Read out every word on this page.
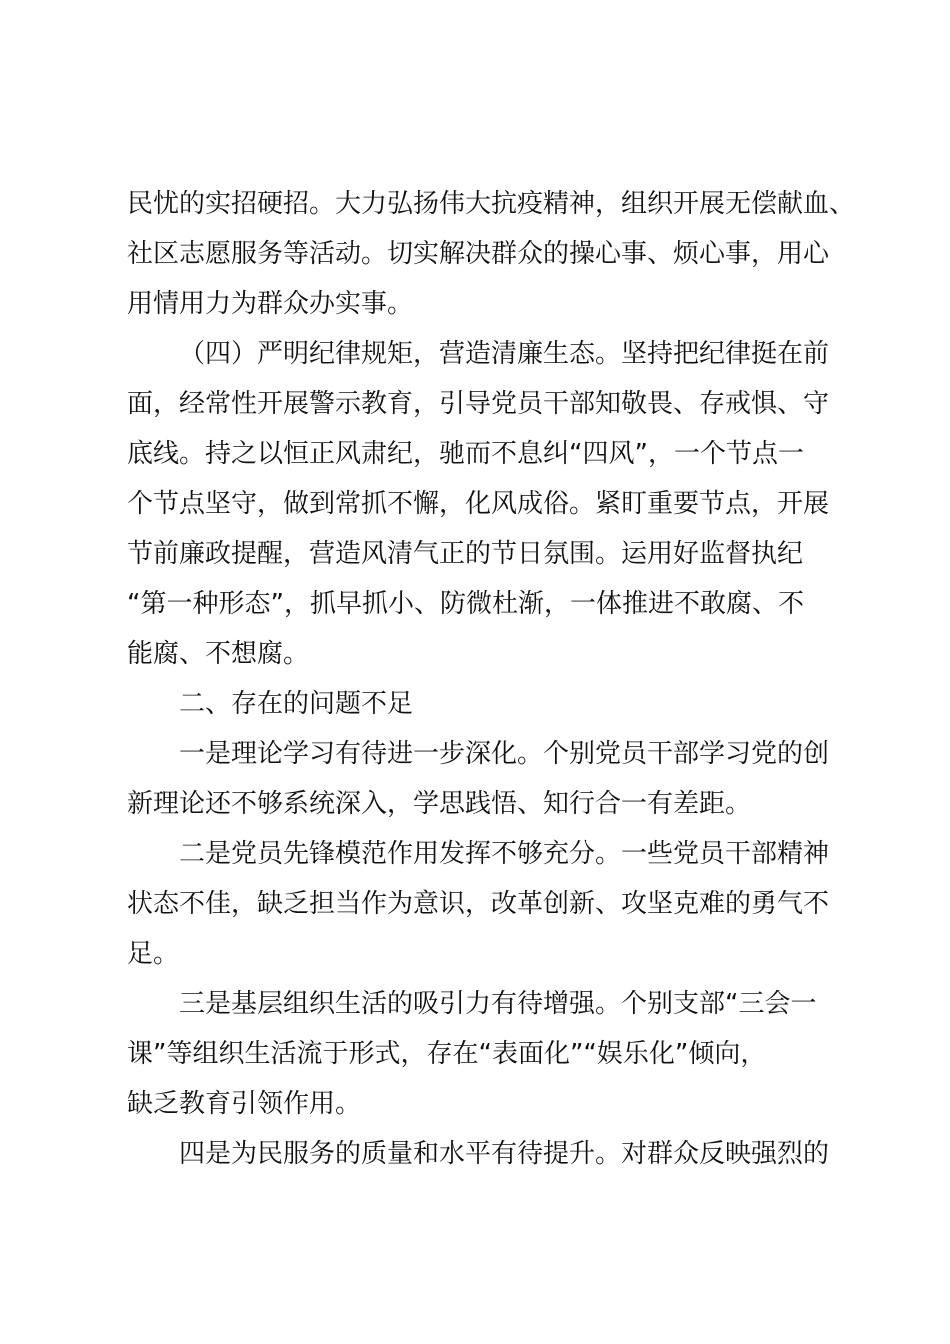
民忧的实招硬招。大力弘扬伟大抗疫精神，组织开展无偿献血、
社区志愿服务等活动。切实解决群众的操心事、烦心事，用心
用情用力为群众办实事。
（四）严明纪律规矩，营造清廉生态。坚持把纪律挺在前
面，经常性开展警示教育，引导党员干部知敬畏、存戒惧、守
底线。持之以恒正风肃纪，驰而不息纠“四风”，一个节点一
个节点坚守，做到常抓不懈，化风成俗。紧盯重要节点，开展
节前廉政提醒，营造风清气正的节日氛围。运用好监督执纪
“第一种形态”，抓早抓小、防微杜渐，一体推进不敢腐、不
能腐、不想腐。
二、存在的问题不足
一是理论学习有待进一步深化。个别党员干部学习党的创
新理论还不够系统深入，学思践悟、知行合一有差距。
二是党员先锋模范作用发挥不够充分。一些党员干部精神
状态不佳，缺乏担当作为意识，改革创新、攻坚克难的勇气不
足。
三是基层组织生活的吸引力有待增强。个别支部“三会一
课”等组织生活流于形式，存在“表面化”“娱乐化”倾向，
缺乏教育引领作用。
四是为民服务的质量和水平有待提升。对群众反映强烈的
